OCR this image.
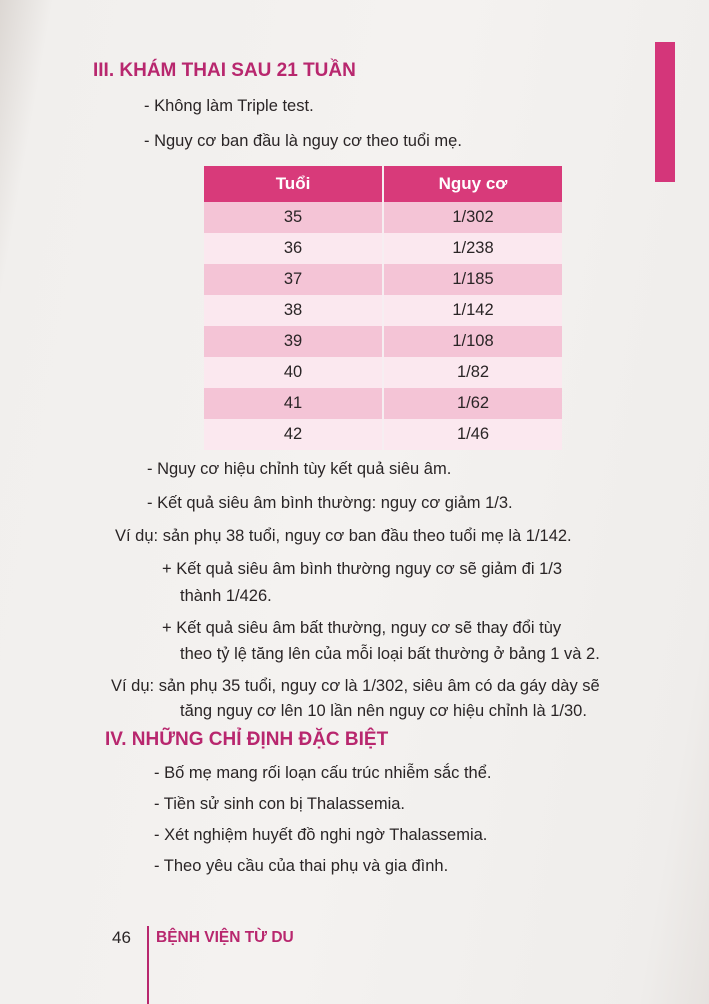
III. KHÁM THAI SAU 21 TUẦN

- Không làm Triple test.

- Nguy cơ ban đầu là nguy cơ theo tuổi mẹ.

Tuổi	Nguy cơ
35	1/302
36	1/238
37	1/185
38	1/142
39	1/108
40	1/82
41	1/62
42	1/46

- Nguy cơ hiệu chỉnh tùy kết quả siêu âm.

- Kết quả siêu âm bình thường: nguy cơ giảm 1/3.

Ví dụ: sản phụ 38 tuổi, nguy cơ ban đầu theo tuổi mẹ là 1/142.

+ Kết quả siêu âm bình thường nguy cơ sẽ giảm đi 1/3

thành 1/426.

+ Kết quả siêu âm bất thường, nguy cơ sẽ thay đổi tùy

theo tỷ lệ tăng lên của mỗi loại bất thường ở bảng 1 và 2.

Ví dụ: sản phụ 35 tuổi, nguy cơ là 1/302, siêu âm có da gáy dày sẽ

tăng nguy cơ lên 10 lần nên nguy cơ hiệu chỉnh là 1/30.

IV. NHỮNG CHỈ ĐỊNH ĐẶC BIỆT

- Bố mẹ mang rối loạn cấu trúc nhiễm sắc thể.

- Tiền sử sinh con bị Thalassemia.

- Xét nghiệm huyết đồ nghi ngờ Thalassemia.

- Theo yêu cầu của thai phụ và gia đình.

46 BỆNH VIỆN TỪ DU
